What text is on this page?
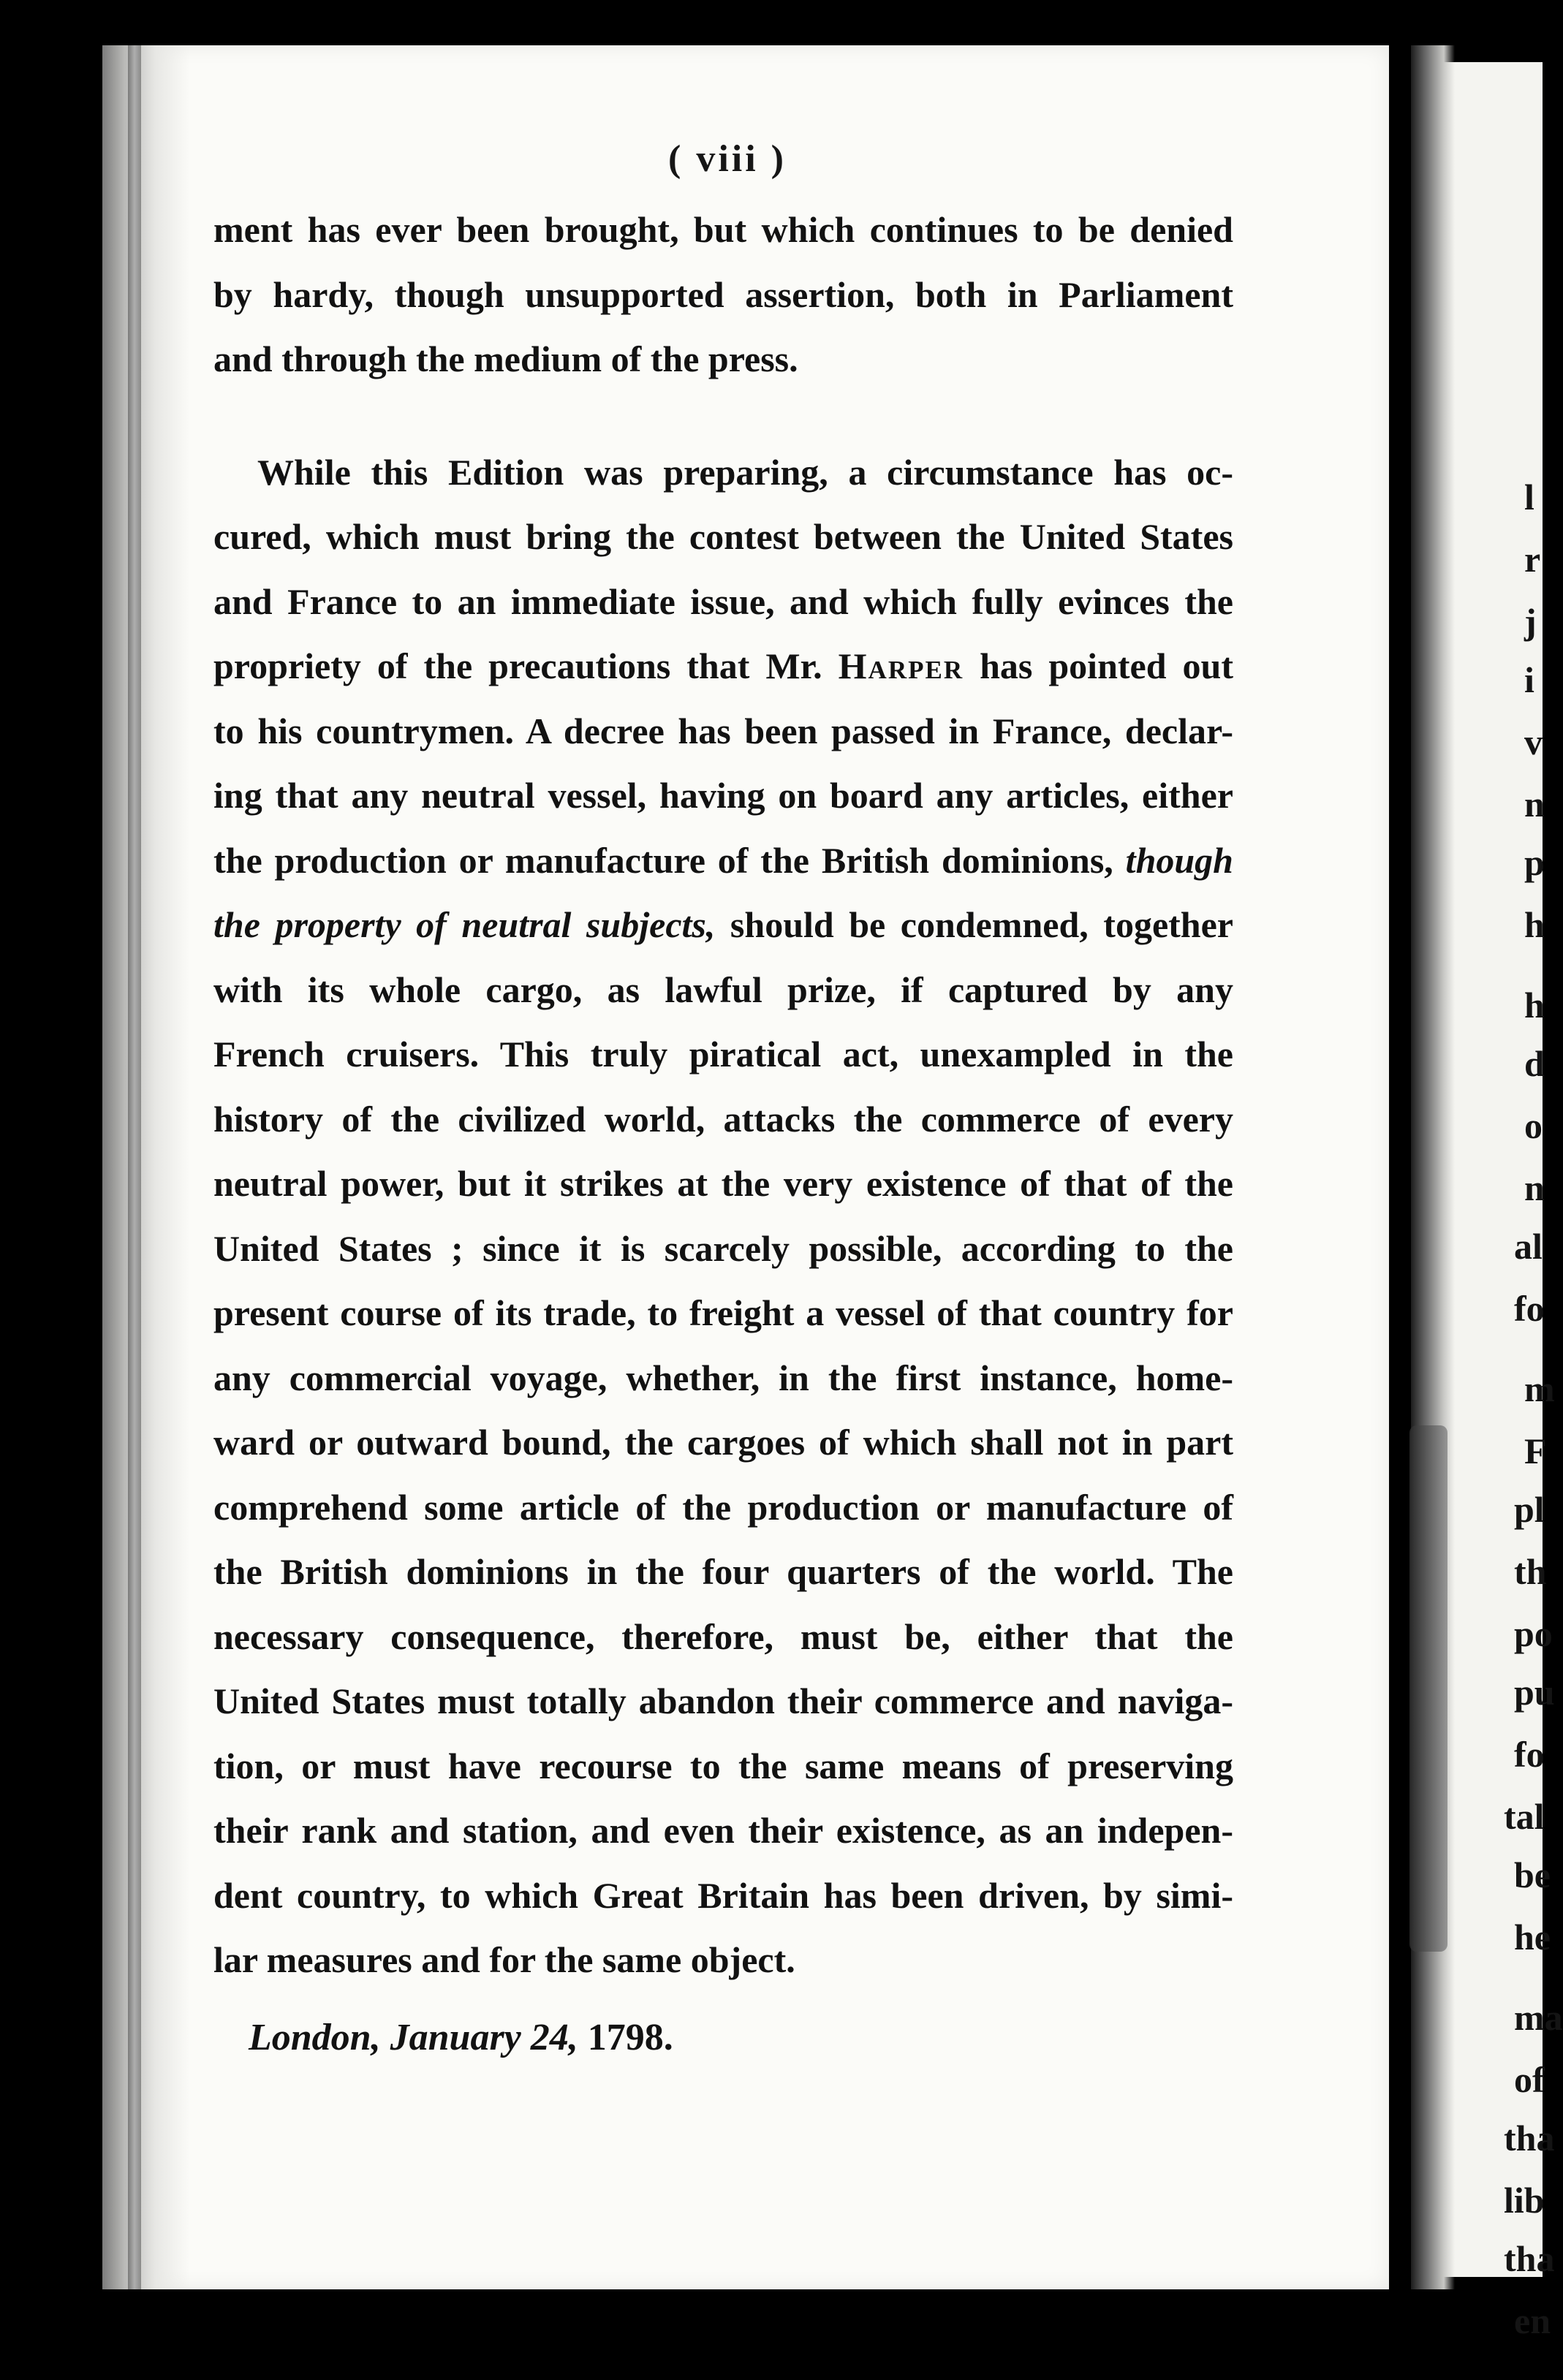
( viii )

ment has ever been brought, but which continues to be denied
by hardy, though unsupported assertion, both in Parliament
and through the medium of the press.

While this Edition was preparing, a circumstance has oc-
cured, which must bring the contest between the United States
and France to an immediate issue, and which fully evinces the
propriety of the precautions that Mr. Harper has pointed out
to his countrymen. A decree has been passed in France, declar-
ing that any neutral vessel, having on board any articles, either
the production or manufacture of the British dominions, though
the property of neutral subjects, should be condemned, together
with its whole cargo, as lawful prize, if captured by any
French cruisers. This truly piratical act, unexampled in the
history of the civilized world, attacks the commerce of every
neutral power, but it strikes at the very existence of that of the
United States ; since it is scarcely possible, according to the
present course of its trade, to freight a vessel of that country for
any commercial voyage, whether, in the first instance, home-
ward or outward bound, the cargoes of which shall not in part
comprehend some article of the production or manufacture of
the British dominions in the four quarters of the world. The
necessary consequence, therefore, must be, either that the
United States must totally abandon their commerce and naviga-
tion, or must have recourse to the same means of preserving
their rank and station, and even their existence, as an indepen-
dent country, to which Great Britain has been driven, by simi-
lar measures and for the same object.

London, January 24, 1798.
l
r
j
i
v
n
p
h
h
d
o
n
al
fo
m
F
pl
th
po
pu
fo
tal
be
he
ma
of
tha
lib
tha
en
